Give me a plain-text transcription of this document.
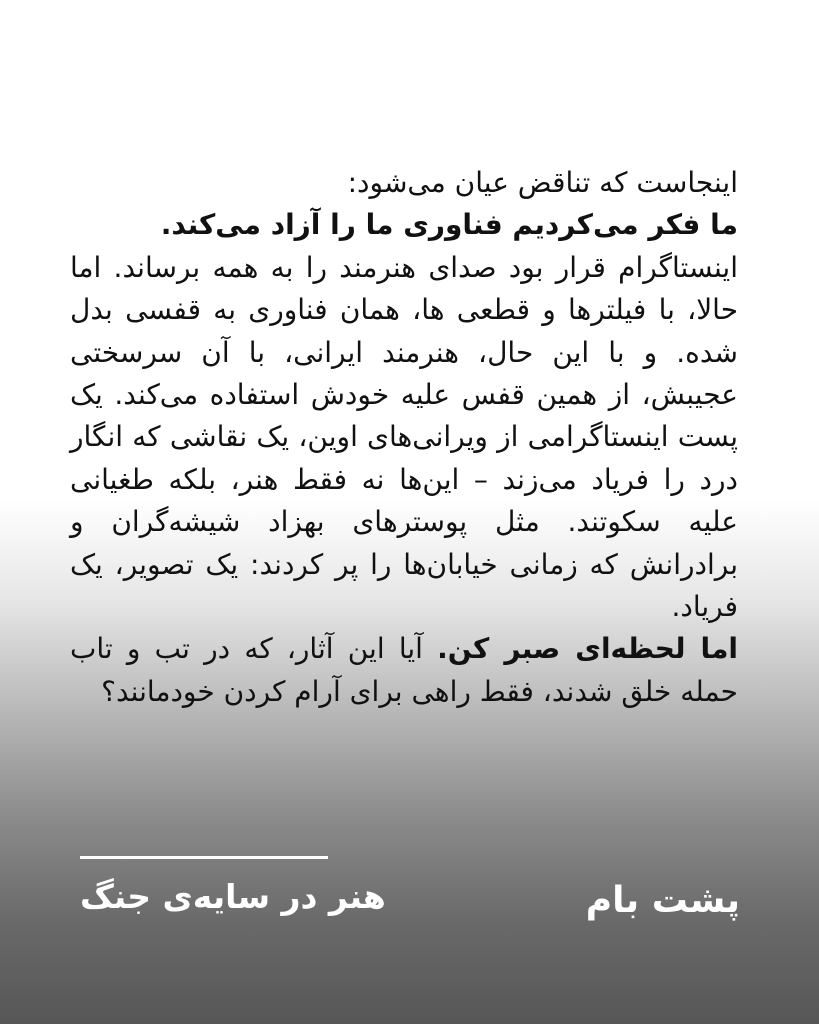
اینجاست که تناقض عیان می‌شود:
ما فکر می‌کردیم فناوری ما را آزاد می‌کند.
اینستاگرام قرار بود صدای هنرمند را به همه برساند. اما حالا، با فیلترها و قطعی ها، همان فناوری به قفسی بدل شده. و با این حال، هنرمند ایرانی، با آن سرسختی عجیبش، از همین قفس علیه خودش استفاده می‌کند. یک پست اینستاگرامی از ویرانی‌های اوین، یک نقاشی که انگار درد را فریاد می‌زند – این‌ها نه فقط هنر، بلکه طغیانی علیه سکوتند. مثل پوسترهای بهزاد شیشه‌گران و برادرانش که زمانی خیابان‌ها را پر کردند: یک تصویر، یک فریاد.
اما لحظه‌ای صبر کن. آیا این آثار، که در تب و تاب حمله خلق شدند، فقط راهی برای آرام کردن خودمانند؟
هنر در سایه‌ی جنگ	پشت بام
